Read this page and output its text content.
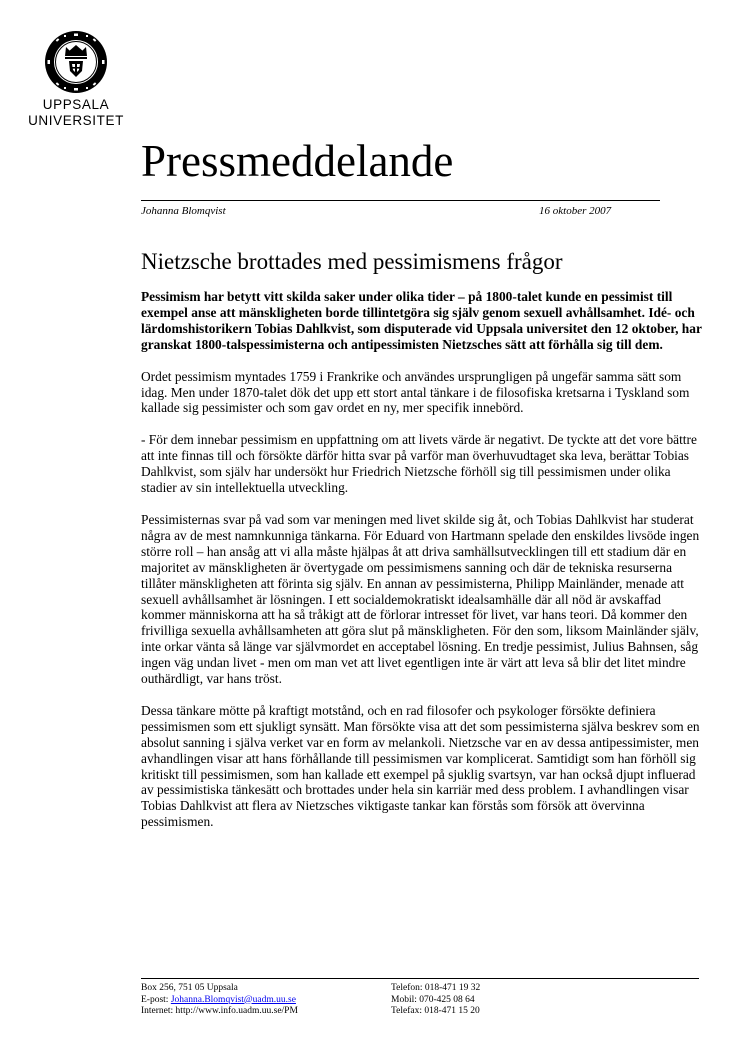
UPPSALA
UNIVERSITET
Pressmeddelande
Johanna Blomqvist	16 oktober 2007
Nietzsche brottades med pessimismens frågor

Pessimism har betytt vitt skilda saker under olika tider – på 1800-talet kunde en pessimist till exempel anse att mänskligheten borde tillintetgöra sig själv genom sexuell avhållsamhet. Idé- och lärdomshistorikern Tobias Dahlkvist, som disputerade vid Uppsala universitet den 12 oktober, har granskat 1800-talspessimisterna och antipessimisten Nietzsches sätt att förhålla sig till dem.

Ordet pessimism myntades 1759 i Frankrike och användes ursprungligen på ungefär samma sätt som idag. Men under 1870-talet dök det upp ett stort antal tänkare i de filosofiska kretsarna i Tyskland som kallade sig pessimister och som gav ordet en ny, mer specifik innebörd.

- För dem innebar pessimism en uppfattning om att livets värde är negativt. De tyckte att det vore bättre att inte finnas till och försökte därför hitta svar på varför man överhuvudtaget ska leva, berättar Tobias Dahlkvist, som själv har undersökt hur Friedrich Nietzsche förhöll sig till pessimismen under olika stadier av sin intellektuella utveckling.

Pessimisternas svar på vad som var meningen med livet skilde sig åt, och Tobias Dahlkvist har studerat några av de mest namnkunniga tänkarna. För Eduard von Hartmann spelade den enskildes livsöde ingen större roll – han ansåg att vi alla måste hjälpas åt att driva samhällsutvecklingen till ett stadium där en majoritet av mänskligheten är övertygade om pessimismens sanning och där de tekniska resurserna tillåter mänskligheten att förinta sig själv. En annan av pessimisterna, Philipp Mainländer, menade att sexuell avhållsamhet är lösningen. I ett socialdemokratiskt idealsamhälle där all nöd är avskaffad kommer människorna att ha så tråkigt att de förlorar intresset för livet, var hans teori. Då kommer den frivilliga sexuella avhållsamheten att göra slut på mänskligheten. För den som, liksom Mainländer själv, inte orkar vänta så länge var självmordet en acceptabel lösning. En tredje pessimist, Julius Bahnsen, såg ingen väg undan livet - men om man vet att livet egentligen inte är värt att leva så blir det litet mindre outhärdligt, var hans tröst.

Dessa tänkare mötte på kraftigt motstånd, och en rad filosofer och psykologer försökte definiera pessimismen som ett sjukligt synsätt. Man försökte visa att det som pessimisterna själva beskrev som en absolut sanning i själva verket var en form av melankoli. Nietzsche var en av dessa antipessimister, men avhandlingen visar att hans förhållande till pessimismen var komplicerat. Samtidigt som han förhöll sig kritiskt till pessimismen, som han kallade ett exempel på sjuklig svartsyn, var han också djupt influerad av pessimistiska tänkesätt och brottades under hela sin karriär med dess problem. I avhandlingen visar Tobias Dahlkvist att flera av Nietzsches viktigaste tankar kan förstås som försök att övervinna pessimismen.

Box 256, 751 05 Uppsala
E-post: Johanna.Blomqvist@uadm.uu.se
Internet: http://www.info.uadm.uu.se/PM
Telefon: 018-471 19 32
Mobil: 070-425 08 64
Telefax: 018-471 15 20
